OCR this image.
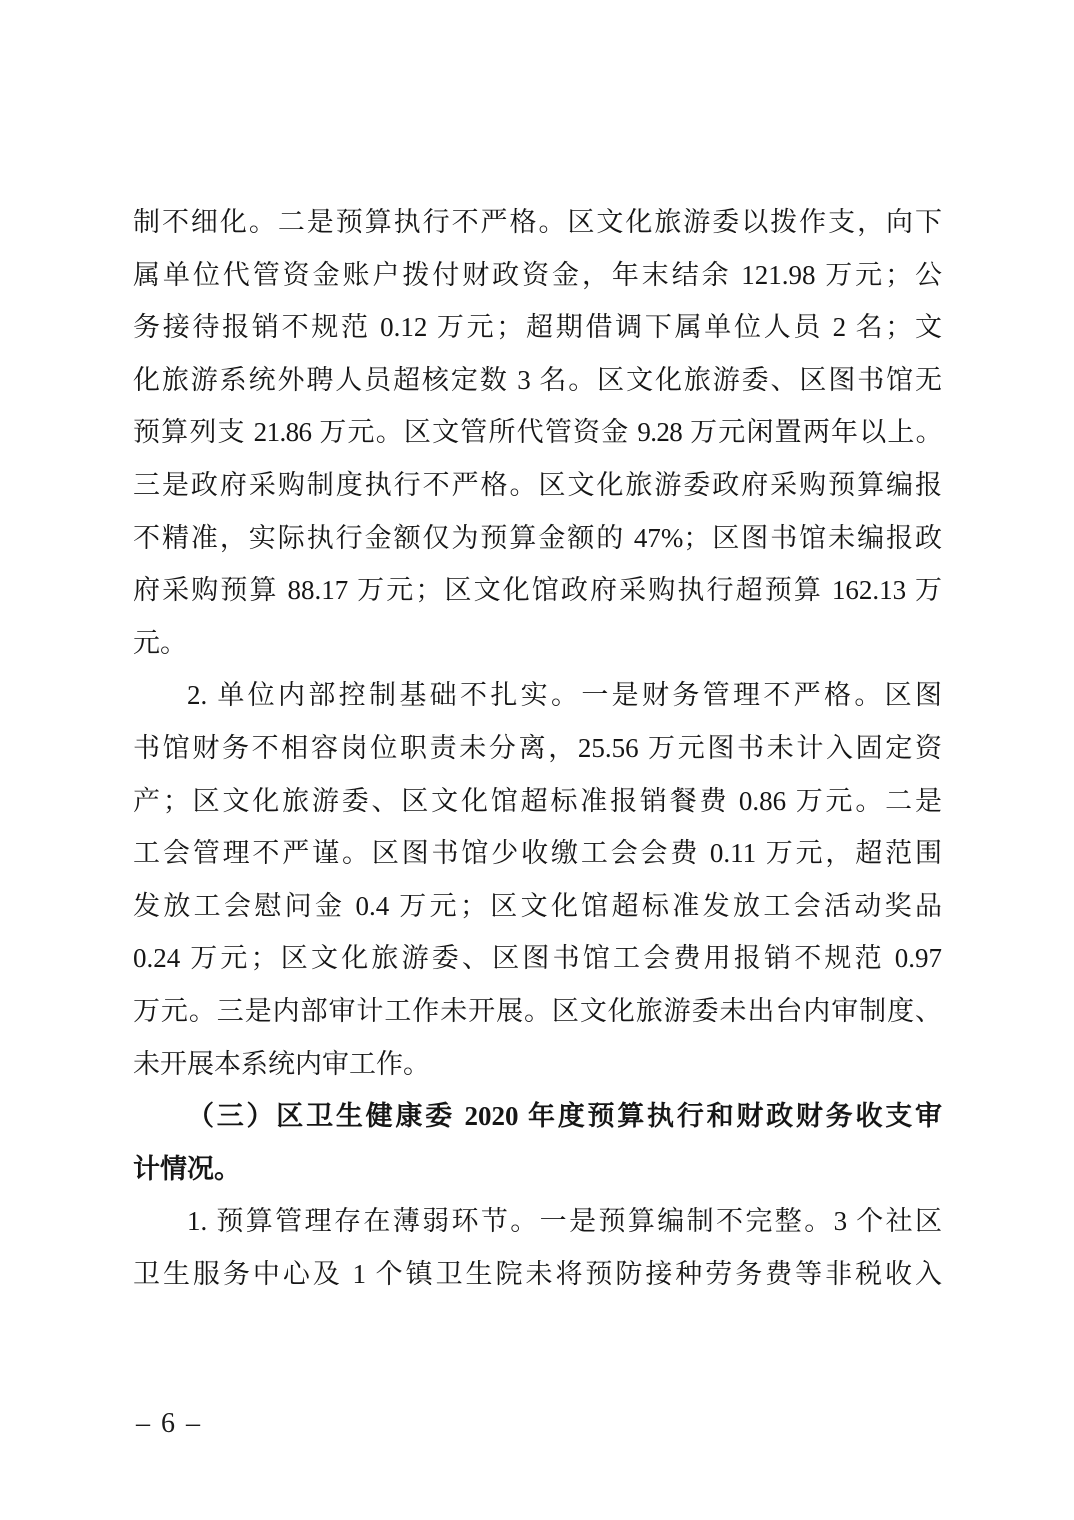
制不细化。二是预算执行不严格。区文化旅游委以拨作支，向下
属单位代管资金账户拨付财政资金，年末结余 121.98 万元；公
务接待报销不规范 0.12 万元；超期借调下属单位人员 2 名；文
化旅游系统外聘人员超核定数 3 名。区文化旅游委、区图书馆无
预算列支 21.86 万元。区文管所代管资金 9.28 万元闲置两年以上。
三是政府采购制度执行不严格。区文化旅游委政府采购预算编报
不精准，实际执行金额仅为预算金额的 47%；区图书馆未编报政
府采购预算 88.17 万元；区文化馆政府采购执行超预算 162.13 万
元。

2. 单位内部控制基础不扎实。一是财务管理不严格。区图
书馆财务不相容岗位职责未分离，25.56 万元图书未计入固定资
产；区文化旅游委、区文化馆超标准报销餐费 0.86 万元。二是
工会管理不严谨。区图书馆少收缴工会会费 0.11 万元，超范围
发放工会慰问金 0.4 万元；区文化馆超标准发放工会活动奖品
0.24 万元；区文化旅游委、区图书馆工会费用报销不规范 0.97
万元。三是内部审计工作未开展。区文化旅游委未出台内审制度、
未开展本系统内审工作。

（三）区卫生健康委 2020 年度预算执行和财政财务收支审
计情况。

1. 预算管理存在薄弱环节。一是预算编制不完整。3 个社区
卫生服务中心及 1 个镇卫生院未将预防接种劳务费等非税收入

– 6 –
